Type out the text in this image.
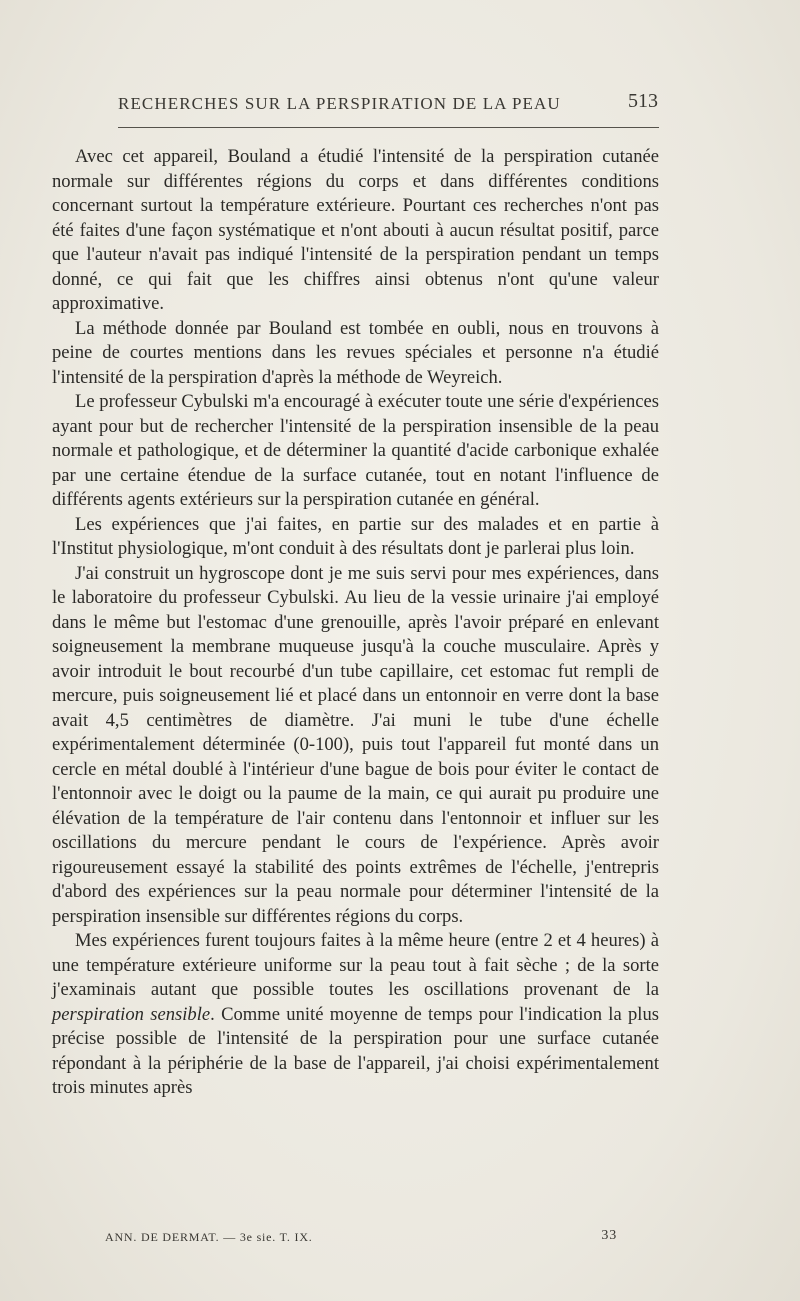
RECHERCHES SUR LA PERSPIRATION DE LA PEAU	513

Avec cet appareil, Bouland a étudié l'intensité de la perspiration cutanée normale sur différentes régions du corps et dans différentes conditions concernant surtout la température extérieure. Pourtant ces recherches n'ont pas été faites d'une façon systématique et n'ont abouti à aucun résultat positif, parce que l'auteur n'avait pas indiqué l'intensité de la perspiration pendant un temps donné, ce qui fait que les chiffres ainsi obtenus n'ont qu'une valeur approximative.

La méthode donnée par Bouland est tombée en oubli, nous en trouvons à peine de courtes mentions dans les revues spéciales et personne n'a étudié l'intensité de la perspiration d'après la méthode de Weyreich.

Le professeur Cybulski m'a encouragé à exécuter toute une série d'expériences ayant pour but de rechercher l'intensité de la perspiration insensible de la peau normale et pathologique, et de déterminer la quantité d'acide carbonique exhalée par une certaine étendue de la surface cutanée, tout en notant l'influence de différents agents extérieurs sur la perspiration cutanée en général.

Les expériences que j'ai faites, en partie sur des malades et en partie à l'Institut physiologique, m'ont conduit à des résultats dont je parlerai plus loin.

J'ai construit un hygroscope dont je me suis servi pour mes expériences, dans le laboratoire du professeur Cybulski. Au lieu de la vessie urinaire j'ai employé dans le même but l'estomac d'une grenouille, après l'avoir préparé en enlevant soigneusement la membrane muqueuse jusqu'à la couche musculaire. Après y avoir introduit le bout recourbé d'un tube capillaire, cet estomac fut rempli de mercure, puis soigneusement lié et placé dans un entonnoir en verre dont la base avait 4,5 centimètres de diamètre. J'ai muni le tube d'une échelle expérimentalement déterminée (0-100), puis tout l'appareil fut monté dans un cercle en métal doublé à l'intérieur d'une bague de bois pour éviter le contact de l'entonnoir avec le doigt ou la paume de la main, ce qui aurait pu produire une élévation de la température de l'air contenu dans l'entonnoir et influer sur les oscillations du mercure pendant le cours de l'expérience. Après avoir rigoureusement essayé la stabilité des points extrêmes de l'échelle, j'entrepris d'abord des expériences sur la peau normale pour déterminer l'intensité de la perspiration insensible sur différentes régions du corps.

Mes expériences furent toujours faites à la même heure (entre 2 et 4 heures) à une température extérieure uniforme sur la peau tout à fait sèche ; de la sorte j'examinais autant que possible toutes les oscillations provenant de la perspiration sensible. Comme unité moyenne de temps pour l'indication la plus précise possible de l'intensité de la perspiration pour une surface cutanée répondant à la périphérie de la base de l'appareil, j'ai choisi expérimentalement trois minutes après

ANN. DE DERMAT. — 3e sie. T. IX.	33
